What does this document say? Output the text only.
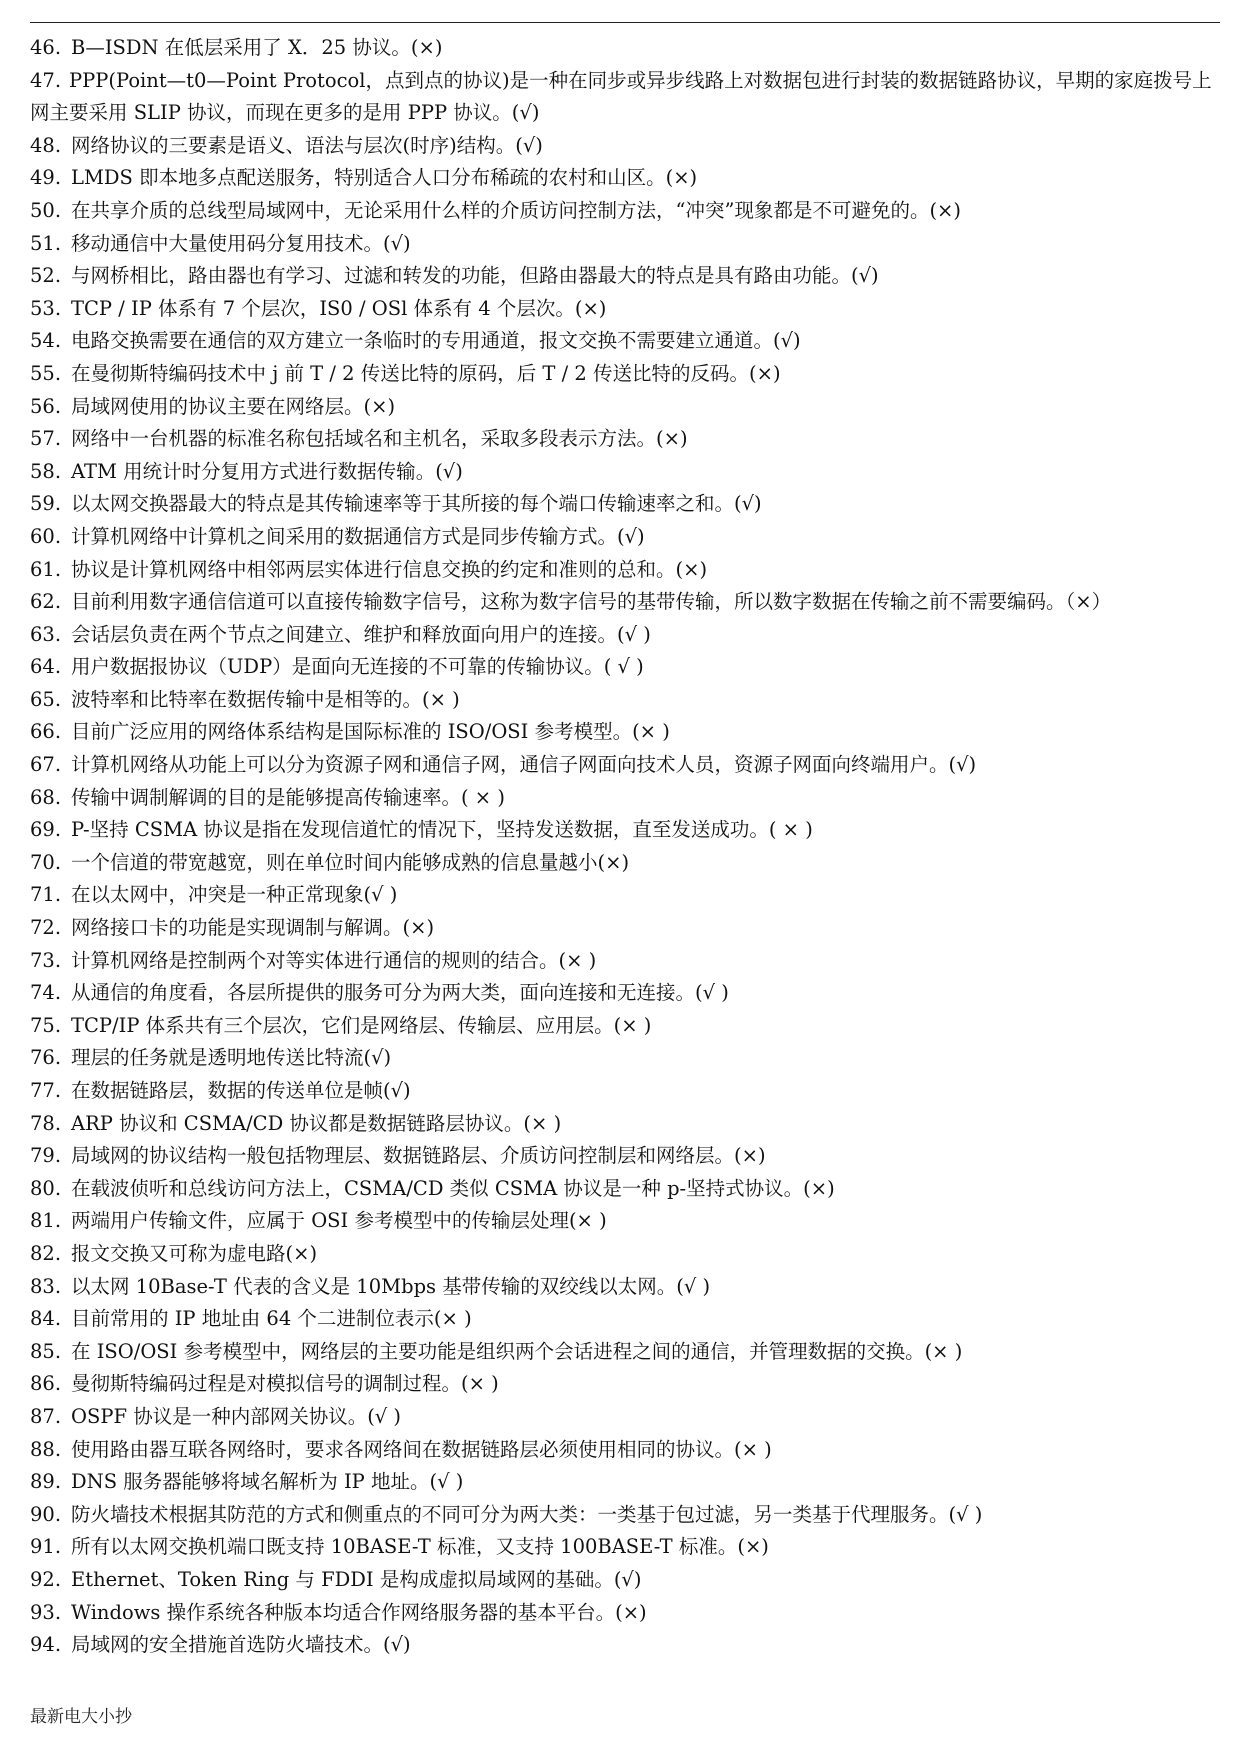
46. B—ISDN 在低层采用了 X．25 协议。(×)
47. PPP(Point—t0—Point Protocol，点到点的协议)是一种在同步或异步线路上对数据包进行封装的数据链路协议，早期的家庭拨号上网主要采用 SLIP 协议，而现在更多的是用 PPP 协议。(√)
48. 网络协议的三要素是语义、语法与层次(时序)结构。(√)
49. LMDS 即本地多点配送服务，特别适合人口分布稀疏的农村和山区。(×)
50. 在共享介质的总线型局域网中，无论采用什么样的介质访问控制方法，“冲突”现象都是不可避免的。(×)
51. 移动通信中大量使用码分复用技术。(√)
52. 与网桥相比，路由器也有学习、过滤和转发的功能，但路由器最大的特点是具有路由功能。(√)
53. TCP / IP 体系有 7 个层次，IS0 / OSl 体系有 4 个层次。(×)
54. 电路交换需要在通信的双方建立一条临时的专用通道，报文交换不需要建立通道。(√)
55. 在曼彻斯特编码技术中 j 前 T / 2 传送比特的原码，后 T / 2 传送比特的反码。(×)
56. 局域网使用的协议主要在网络层。(×)
57. 网络中一台机器的标准名称包括域名和主机名，采取多段表示方法。(×)
58. ATM 用统计时分复用方式进行数据传输。(√)
59. 以太网交换器最大的特点是其传输速率等于其所接的每个端口传输速率之和。(√)
60. 计算机网络中计算机之间采用的数据通信方式是同步传输方式。(√)
61. 协议是计算机网络中相邻两层实体进行信息交换的约定和准则的总和。(×)
62. 目前利用数字通信信道可以直接传输数字信号，这称为数字信号的基带传输，所以数字数据在传输之前不需要编码。（×）
63. 会话层负责在两个节点之间建立、维护和释放面向用户的连接。(√ )
64. 用户数据报协议（UDP）是面向无连接的不可靠的传输协议。( √ )
65. 波特率和比特率在数据传输中是相等的。(× )
66. 目前广泛应用的网络体系结构是国际标准的 ISO/OSI 参考模型。(× )
67. 计算机网络从功能上可以分为资源子网和通信子网，通信子网面向技术人员，资源子网面向终端用户。(√)
68. 传输中调制解调的目的是能够提高传输速率。( × )
69. P-坚持 CSMA 协议是指在发现信道忙的情况下，坚持发送数据，直至发送成功。( × )
70. 一个信道的带宽越宽，则在单位时间内能够成熟的信息量越小(×)
71. 在以太网中，冲突是一种正常现象(√ )
72. 网络接口卡的功能是实现调制与解调。(×)
73. 计算机网络是控制两个对等实体进行通信的规则的结合。(× )
74. 从通信的角度看，各层所提供的服务可分为两大类，面向连接和无连接。(√ )
75. TCP/IP 体系共有三个层次，它们是网络层、传输层、应用层。(× )
76. 理层的任务就是透明地传送比特流(√)
77. 在数据链路层，数据的传送单位是帧(√)
78. ARP 协议和 CSMA/CD 协议都是数据链路层协议。(× )
79. 局域网的协议结构一般包括物理层、数据链路层、介质访问控制层和网络层。(×)
80. 在载波侦听和总线访问方法上，CSMA/CD 类似 CSMA 协议是一种 p-坚持式协议。(×)
81. 两端用户传输文件，应属于 OSI 参考模型中的传输层处理(× )
82. 报文交换又可称为虚电路(×)
83. 以太网 10Base-T 代表的含义是 10Mbps 基带传输的双绞线以太网。(√ )
84. 目前常用的 IP 地址由 64 个二进制位表示(× )
85. 在 ISO/OSI 参考模型中，网络层的主要功能是组织两个会话进程之间的通信，并管理数据的交换。(× )
86. 曼彻斯特编码过程是对模拟信号的调制过程。(× )
87. OSPF 协议是一种内部网关协议。(√ )
88. 使用路由器互联各网络时，要求各网络间在数据链路层必须使用相同的协议。(× )
89. DNS 服务器能够将域名解析为 IP 地址。(√ )
90. 防火墙技术根据其防范的方式和侧重点的不同可分为两大类：一类基于包过滤，另一类基于代理服务。(√ )
91. 所有以太网交换机端口既支持 10BASE-T 标准，又支持 100BASE-T 标准。(×)
92. Ethernet、Token Ring 与 FDDI 是构成虚拟局域网的基础。(√)
93. Windows 操作系统各种版本均适合作网络服务器的基本平台。(×)
94. 局域网的安全措施首选防火墙技术。(√)
最新电大小抄
